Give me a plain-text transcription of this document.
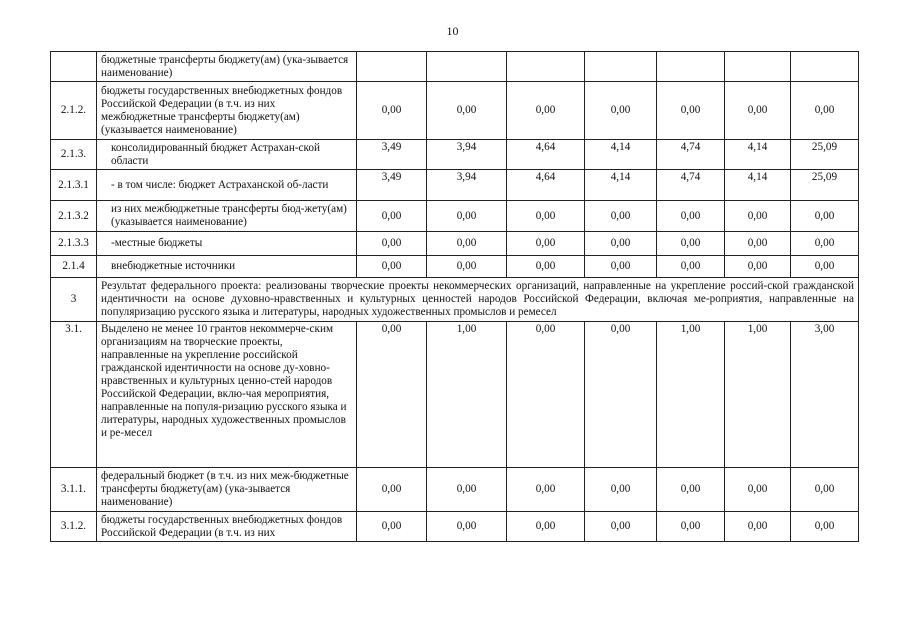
10
	бюджетные трансферты бюджету(ам) (ука-зывается наименование)							
2.1.2.	бюджеты государственных внебюджетных фондов Российской Федерации (в т.ч. из них межбюджетные трансферты бюджету(ам) (указывается наименование)	0,00	0,00	0,00	0,00	0,00	0,00	0,00
2.1.3.	консолидированный бюджет Астрахан-ской области	3,49	3,94	4,64	4,14	4,74	4,14	25,09
2.1.3.1	- в том числе: бюджет Астраханской об-ласти	3,49	3,94	4,64	4,14	4,74	4,14	25,09
2.1.3.2	из них межбюджетные трансферты бюд-жету(ам) (указывается наименование)	0,00	0,00	0,00	0,00	0,00	0,00	0,00
2.1.3.3	-местные бюджеты	0,00	0,00	0,00	0,00	0,00	0,00	0,00
2.1.4	внебюджетные источники	0,00	0,00	0,00	0,00	0,00	0,00	0,00
3	Результат федерального проекта: реализованы творческие проекты некоммерческих организаций, направленные на укрепление россий-ской гражданской идентичности на основе духовно-нравственных и культурных ценностей народов Российской Федерации, включая ме-роприятия, направленные на популяризацию русского языка и литературы, народных художественных промыслов и ремесел							
3.1.	Выделено не менее 10 грантов некоммерче-ским организациям на творческие проекты, направленные на укрепление российской гражданской идентичности на основе ду-ховно-нравственных и культурных ценно-стей народов Российской Федерации, вклю-чая мероприятия, направленные на популя-ризацию русского языка и литературы, народных художественных промыслов и ре-месел	0,00	1,00	0,00	0,00	1,00	1,00	3,00
3.1.1.	федеральный бюджет (в т.ч. из них меж-бюджетные трансферты бюджету(ам) (ука-зывается наименование)	0,00	0,00	0,00	0,00	0,00	0,00	0,00
3.1.2.	бюджеты государственных внебюджетных фондов Российской Федерации (в т.ч. из них	0,00	0,00	0,00	0,00	0,00	0,00	0,00
